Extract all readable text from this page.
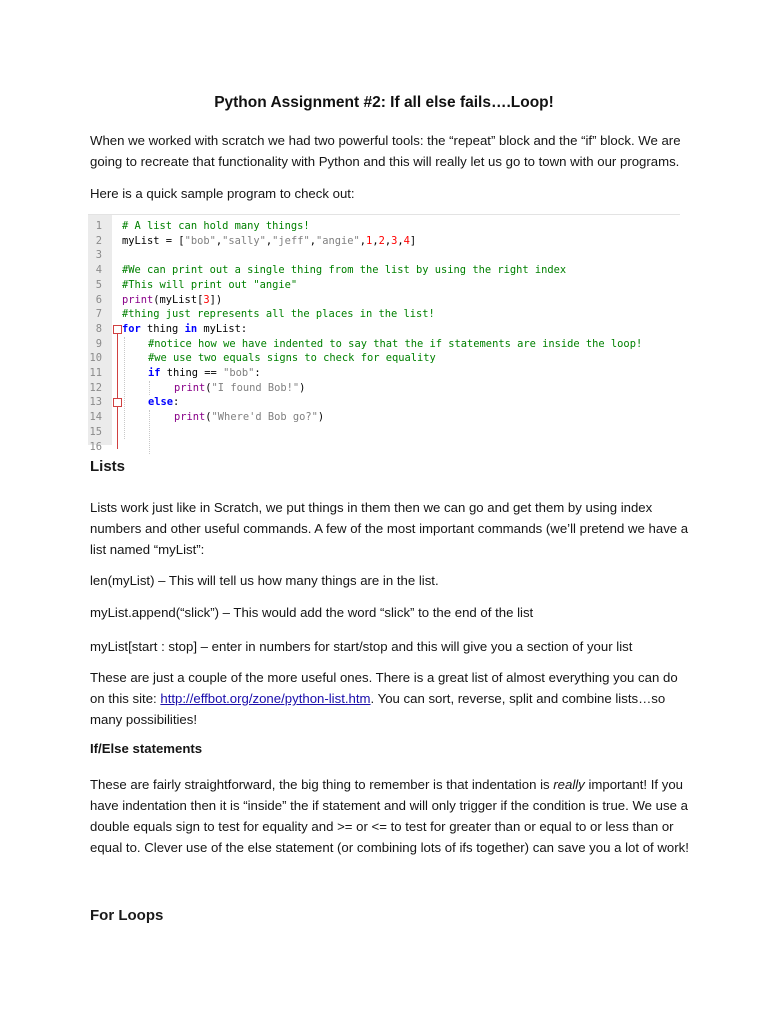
Python Assignment #2: If all else fails….Loop!

When we worked with scratch we had two powerful tools: the “repeat” block and the “if” block. We are going to recreate that functionality with Python and this will really let us go to town with our programs.

Here is a quick sample program to check out:

1 # A list can hold many things!
2 myList = ["bob","sally","jeff","angie",1,2,3,4]
3
4 #We can print out a single thing from the list by using the right index
5 #This will print out "angie"
6 print(myList[3])
7 #thing just represents all the places in the list!
8 for thing in myList:
9	#notice how we have indented to say that the if statements are inside the loop!
10	#we use two equals signs to check for equality
11	if thing == "bob":
12	print("I found Bob!")
13	else:
14	print("Where'd Bob go?")
15
16
Lists

Lists work just like in Scratch, we put things in them then we can go and get them by using index numbers and other useful commands. A few of the most important commands (we’ll pretend we have a list named “myList”:

len(myList) – This will tell us how many things are in the list.

myList.append(“slick”) – This would add the word “slick” to the end of the list

myList[start : stop] – enter in numbers for start/stop and this will give you a section of your list

These are just a couple of the more useful ones. There is a great list of almost everything you can do on this site: http://effbot.org/zone/python-list.htm. You can sort, reverse, split and combine lists…so many possibilities!

If/Else statements

These are fairly straightforward, the big thing to remember is that indentation is really important! If you have indentation then it is “inside” the if statement and will only trigger if the condition is true. We use a double equals sign to test for equality and >= or <= to test for greater than or equal to or less than or equal to. Clever use of the else statement (or combining lots of ifs together) can save you a lot of work!

For Loops
